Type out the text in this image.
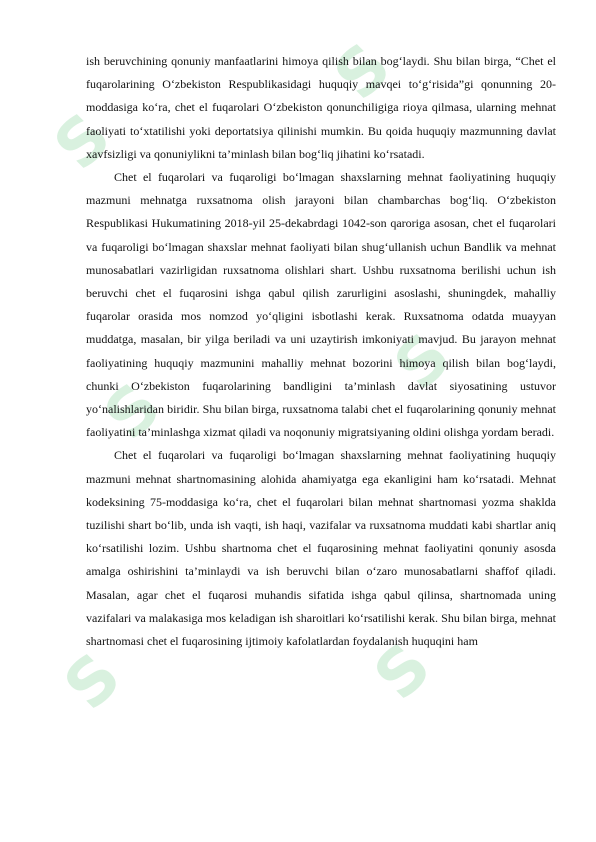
S
S
S
S
S	S

ish beruvchining qonuniy manfaatlarini himoya qilish bilan bog‘laydi. Shu bilan birga, “Chet el fuqarolarining O‘zbekiston Respublikasidagi huquqiy mavqei to‘g‘risida”gi qonunning 20-moddasiga ko‘ra, chet el fuqarolari O‘zbekiston qonunchiligiga rioya qilmasa, ularning mehnat faoliyati to‘xtatilishi yoki deportatsiya qilinishi mumkin. Bu qoida huquqiy mazmunning davlat xavfsizligi va qonuniylikni ta’minlash bilan bog‘liq jihatini ko‘rsatadi.

Chet el fuqarolari va fuqaroligi bo‘lmagan shaxslarning mehnat faoliyatining huquqiy mazmuni mehnatga ruxsatnoma olish jarayoni bilan chambarchas bog‘liq. O‘zbekiston Respublikasi Hukumatining 2018-yil 25-dekabrdagi 1042-son qaroriga asosan, chet el fuqarolari va fuqaroligi bo‘lmagan shaxslar mehnat faoliyati bilan shug‘ullanish uchun Bandlik va mehnat munosabatlari vazirligidan ruxsatnoma olishlari shart. Ushbu ruxsatnoma berilishi uchun ish beruvchi chet el fuqarosini ishga qabul qilish zarurligini asoslashi, shuningdek, mahalliy fuqarolar orasida mos nomzod yo‘qligini isbotlashi kerak. Ruxsatnoma odatda muayyan muddatga, masalan, bir yilga beriladi va uni uzaytirish imkoniyati mavjud. Bu jarayon mehnat faoliyatining huquqiy mazmunini mahalliy mehnat bozorini himoya qilish bilan bog‘laydi, chunki O‘zbekiston fuqarolarining bandligini ta’minlash davlat siyosatining ustuvor yo‘nalishlaridan biridir. Shu bilan birga, ruxsatnoma talabi chet el fuqarolarining qonuniy mehnat faoliyatini ta’minlashga xizmat qiladi va noqonuniy migratsiyaning oldini olishga yordam beradi.

Chet el fuqarolari va fuqaroligi bo‘lmagan shaxslarning mehnat faoliyatining huquqiy mazmuni mehnat shartnomasining alohida ahamiyatga ega ekanligini ham ko‘rsatadi. Mehnat kodeksining 75-moddasiga ko‘ra, chet el fuqarolari bilan mehnat shartnomasi yozma shaklda tuzilishi shart bo‘lib, unda ish vaqti, ish haqi, vazifalar va ruxsatnoma muddati kabi shartlar aniq ko‘rsatilishi lozim. Ushbu shartnoma chet el fuqarosining mehnat faoliyatini qonuniy asosda amalga oshirishini ta’minlaydi va ish beruvchi bilan o‘zaro munosabatlarni shaffof qiladi. Masalan, agar chet el fuqarosi muhandis sifatida ishga qabul qilinsa, shartnomada uning vazifalari va malakasiga mos keladigan ish sharoitlari ko‘rsatilishi kerak. Shu bilan birga, mehnat shartnomasi chet el fuqarosining ijtimoiy kafolatlardan foydalanish huquqini ham
